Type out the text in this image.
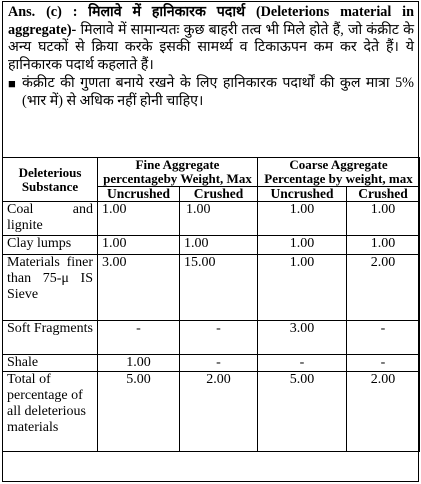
Ans. (c) : मिलावे में हानिकारक पदार्थ (Deleterions material in aggregate)- मिलावे में सामान्यतः कुछ बाहरी तत्व भी मिले होते हैं, जो कंक्रीट के अन्य घटकों से क्रिया करके इसकी सामर्थ्य व टिकाऊपन कम कर देते हैं। ये हानिकारक पदार्थ कहलाते हैं।

■ कंक्रीट की गुणता बनाये रखने के लिए हानिकारक पदार्थों की कुल मात्रा 5% (भार में) से अधिक नहीं होनी चाहिए।
Deleterious Substance	Fine Aggregate percentageby Weight, Max		Coarse Aggregate Percentage by weight, max	
	Uncrushed	Crushed	Uncrushed	Crushed
Coal and lignite	1.00	1.00	1.00	1.00
Clay lumps	1.00	1.00	1.00	1.00
Materials finer than 75-μ IS Sieve	3.00	15.00	1.00	2.00
Soft Fragments	-	-	3.00	-
Shale	1.00	-	-	-
Total of percentage of all deleterious materials	5.00	2.00	5.00	2.00
